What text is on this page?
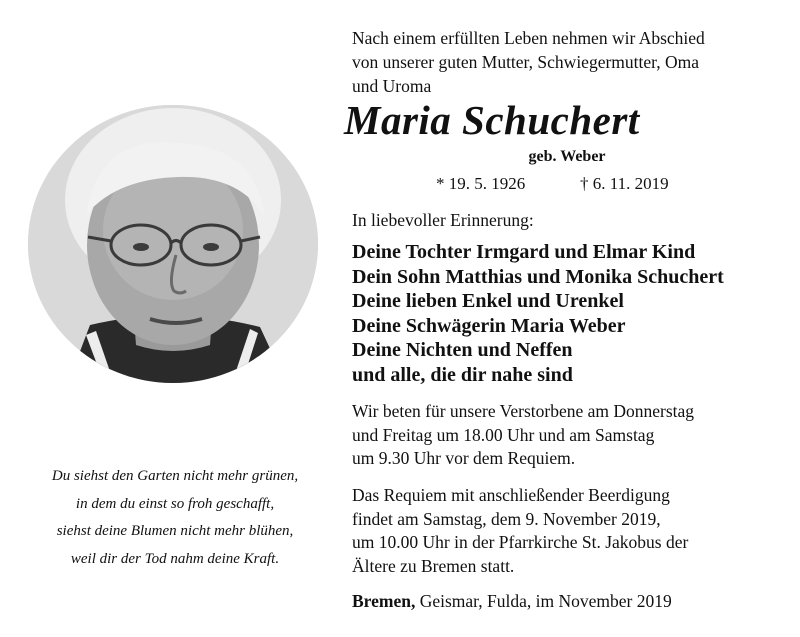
Du siehst den Garten nicht mehr grünen,
in dem du einst so froh geschafft,
siehst deine Blumen nicht mehr blühen,
weil dir der Tod nahm deine Kraft.
Nach einem erfüllten Leben nehmen wir Abschied
von unserer guten Mutter, Schwiegermutter, Oma
und Uroma
Maria Schuchert
geb. Weber
* 19. 5. 1926	† 6. 11. 2019
In liebevoller Erinnerung:
Deine Tochter Irmgard und Elmar Kind
Dein Sohn Matthias und Monika Schuchert
Deine lieben Enkel und Urenkel
Deine Schwägerin Maria Weber
Deine Nichten und Neffen
und alle, die dir nahe sind
Wir beten für unsere Verstorbene am Donnerstag
und Freitag um 18.00 Uhr und am Samstag
um 9.30 Uhr vor dem Requiem.
Das Requiem mit anschließender Beerdigung
findet am Samstag, dem 9. November 2019,
um 10.00 Uhr in der Pfarrkirche St. Jakobus der
Ältere zu Bremen statt.
Bremen, Geismar, Fulda, im November 2019
